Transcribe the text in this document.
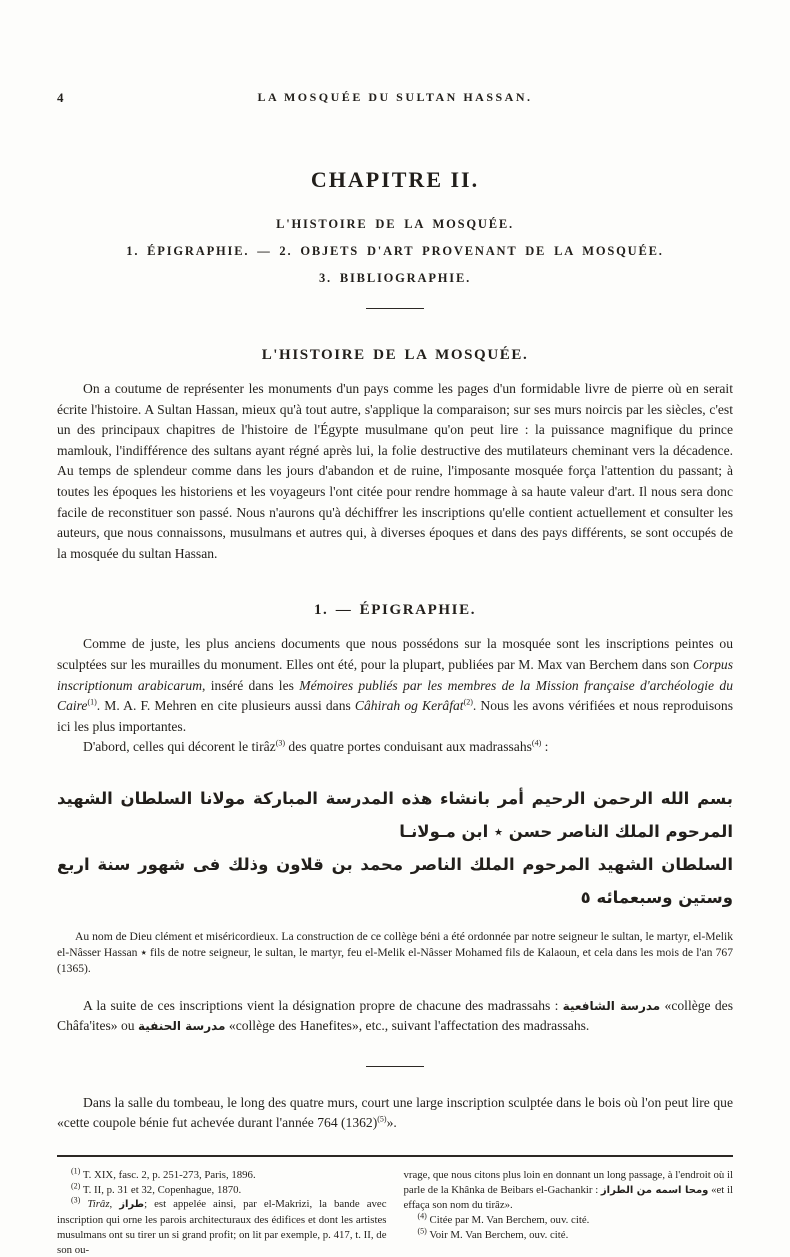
4	LA MOSQUÉE DU SULTAN HASSAN.
CHAPITRE II.
L'HISTOIRE DE LA MOSQUÉE.
1. ÉPIGRAPHIE. — 2. OBJETS D'ART PROVENANT DE LA MOSQUÉE.
3. BIBLIOGRAPHIE.
L'HISTOIRE DE LA MOSQUÉE.

On a coutume de représenter les monuments d'un pays comme les pages d'un formidable livre de pierre où en serait écrite l'histoire. A Sultan Hassan, mieux qu'à tout autre, s'applique la comparaison; sur ses murs noircis par les siècles, c'est un des principaux chapitres de l'histoire de l'Égypte musulmane qu'on peut lire : la puissance magnifique du prince mamlouk, l'indifférence des sultans ayant régné après lui, la folie destructive des mutilateurs cheminant vers la décadence. Au temps de splendeur comme dans les jours d'abandon et de ruine, l'imposante mosquée força l'attention du passant; à toutes les époques les historiens et les voyageurs l'ont citée pour rendre hommage à sa haute valeur d'art. Il nous sera donc facile de reconstituer son passé. Nous n'aurons qu'à déchiffrer les inscriptions qu'elle contient actuellement et consulter les auteurs, que nous connaissons, musulmans et autres qui, à diverses époques et dans des pays différents, se sont occupés de la mosquée du sultan Hassan.

1. — ÉPIGRAPHIE.

Comme de juste, les plus anciens documents que nous possédons sur la mosquée sont les inscriptions peintes ou sculptées sur les murailles du monument. Elles ont été, pour la plupart, publiées par M. Max van Berchem dans son Corpus inscriptionum arabicarum, inséré dans les Mémoires publiés par les membres de la Mission française d'archéologie du Caire$^{(1)}$. M. A. F. Mehren en cite plusieurs aussi dans Câhirah og Kerâfat$^{(2)}$. Nous les avons vérifiées et nous reproduisons ici les plus importantes.

D'abord, celles qui décorent le tirâz$^{(3)}$ des quatre portes conduisant aux madrassahs$^{(4)}$ :

بسم الله الرحمن الرحيم أمر بانشاء هذه المدرسة المباركة مولانا السلطان الشهيد المرحوم الملك الناصر حسن ٭ ابن مـولانـا
السلطان الشهيد المرحوم الملك الناصر محمد بن قلاون وذلك فى شهور سنة اربع وستين وسبعمائه ٥

Au nom de Dieu clément et miséricordieux. La construction de ce collège béni a été ordonnée par notre seigneur le sultan, le martyr, el-Melik el-Nâsser Hassan ٭ fils de notre seigneur, le sultan, le martyr, feu el-Melik el-Nâsser Mohamed fils de Kalaoun, et cela dans les mois de l'an 767 (1365).

A la suite de ces inscriptions vient la désignation propre de chacune des madrassahs : مدرسة الشافعية «collège des Châfa'ites» ou مدرسة الحنفية «collège des Hanefites», etc., suivant l'affectation des madrassahs.

Dans la salle du tombeau, le long des quatre murs, court une large inscription sculptée dans le bois où l'on peut lire que «cette coupole bénie fut achevée durant l'année 764 (1362)$^{(5)}$».

$^{(1)}$ T. XIX, fasc. 2, p. 251-273, Paris, 1896.

$^{(2)}$ T. II, p. 31 et 32, Copenhague, 1870.

$^{(3)}$ Tirâz, طراز; est appelée ainsi, par el-Makrizi, la bande avec inscription qui orne les parois architecturaux des édifices et dont les artistes musulmans ont su tirer un si grand profit; on lit par exemple, p. 417, t. II, de son ou-

vrage, que nous citons plus loin en donnant un long passage, à l'endroit où il parle de la Khânka de Beibars el-Gachankir : ومحا اسمه من الطراز «et il effaça son nom du tirâz».

$^{(4)}$ Citée par M. Van Berchem, ouv. cité.

$^{(5)}$ Voir M. Van Berchem, ouv. cité.
